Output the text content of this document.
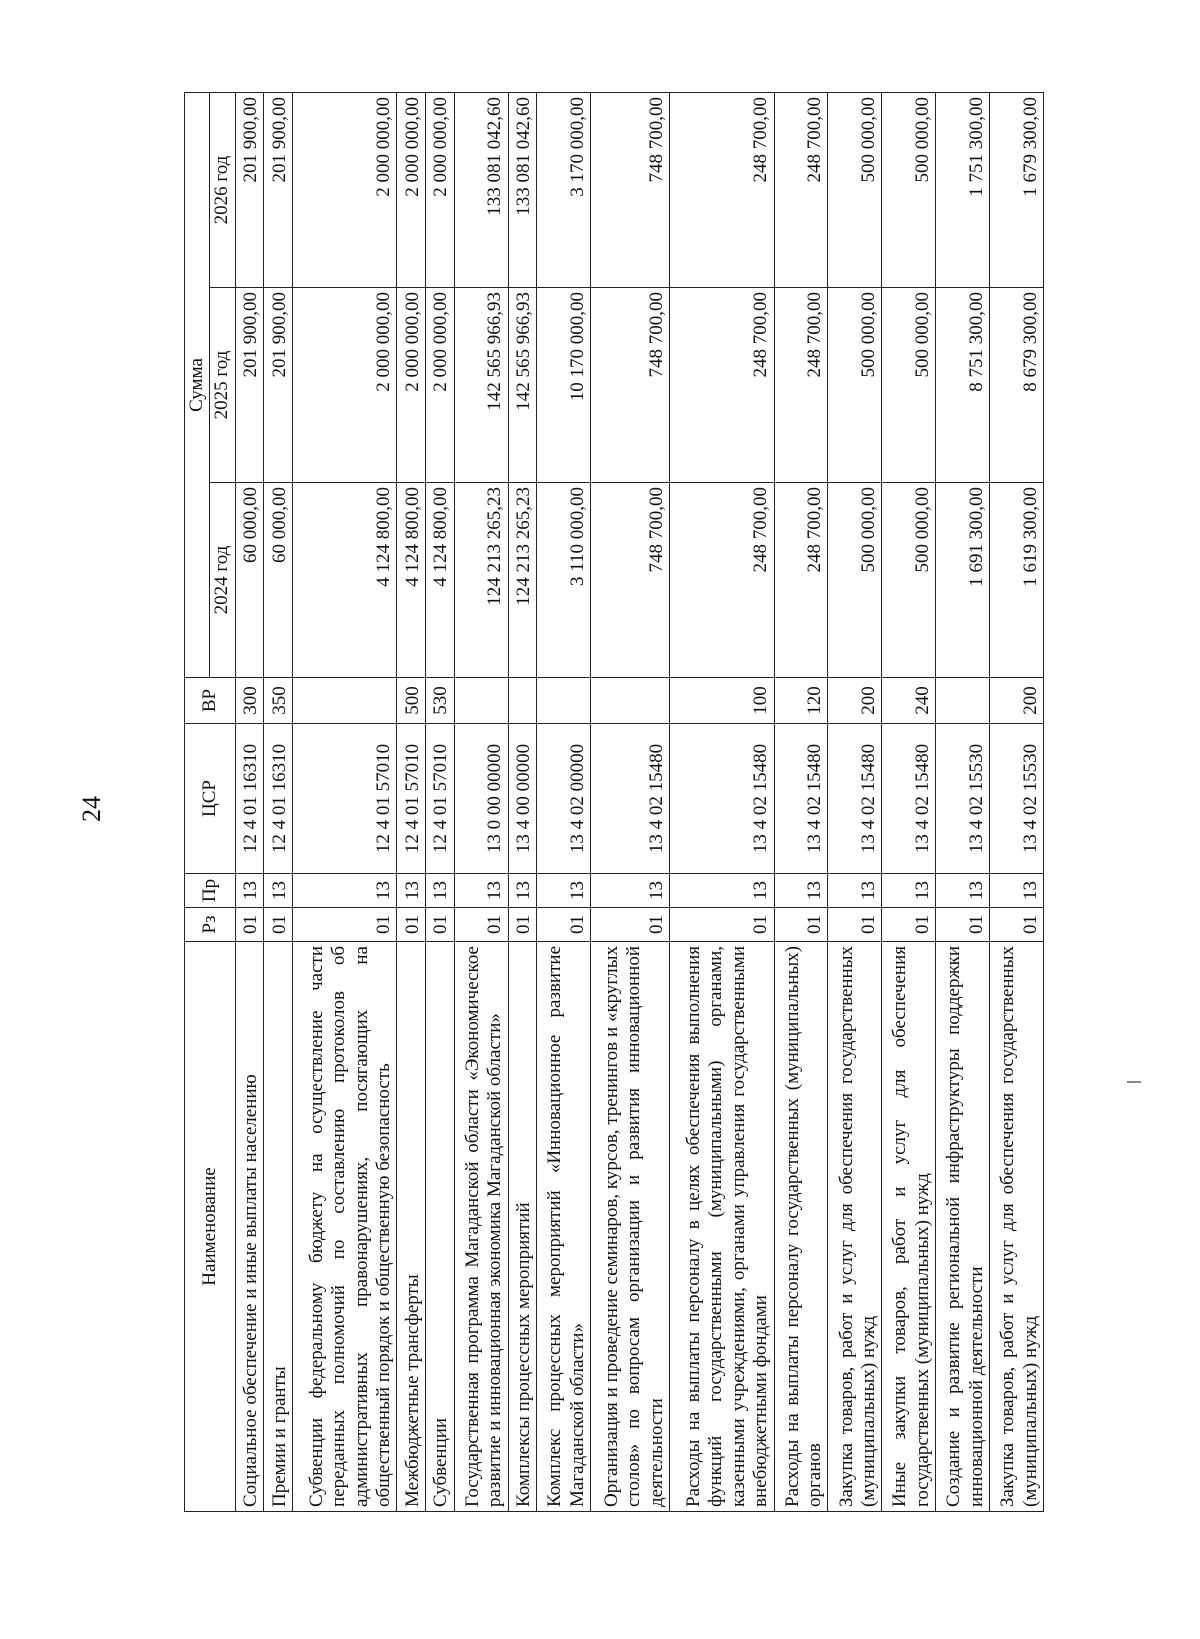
24
Наименование	Рз	Пр	ЦСР	ВР	Сумма		
					2024 год	2025 год	2026 год
Социальное обеспечение и иные выплаты населению	01	13	12 4 01 16310	300	60 000,00	201 900,00	201 900,00
Премии и гранты	01	13	12 4 01 16310	350	60 000,00	201 900,00	201 900,00
Субвенции федеральному бюджету на осуществление части переданных полномочий по составлению протоколов об административных правонарушениях, посягающих на общественный порядок и общественную безопасность	01	13	12 4 01 57010		4 124 800,00	2 000 000,00	2 000 000,00
Межбюджетные трансферты	01	13	12 4 01 57010	500	4 124 800,00	2 000 000,00	2 000 000,00
Субвенции	01	13	12 4 01 57010	530	4 124 800,00	2 000 000,00	2 000 000,00
Государственная программа Магаданской области «Экономическое развитие и инновационная экономика Магаданской области»	01	13	13 0 00 00000		124 213 265,23	142 565 966,93	133 081 042,60
Комплексы процессных мероприятий	01	13	13 4 00 00000		124 213 265,23	142 565 966,93	133 081 042,60
Комплекс процессных мероприятий «Инновационное развитие Магаданской области»	01	13	13 4 02 00000		3 110 000,00	10 170 000,00	3 170 000,00
Организация и проведение семинаров, курсов, тренингов и «круглых столов» по вопросам организации и развития инновационной деятельности	01	13	13 4 02 15480		748 700,00	748 700,00	748 700,00
Расходы на выплаты персоналу в целях обеспечения выполнения функций государственными (муниципальными) органами, казенными учреждениями, органами управления государственными внебюджетными фондами	01	13	13 4 02 15480	100	248 700,00	248 700,00	248 700,00
Расходы на выплаты персоналу государственных (муниципальных) органов	01	13	13 4 02 15480	120	248 700,00	248 700,00	248 700,00
Закупка товаров, работ и услуг для обеспечения государственных (муниципальных) нужд	01	13	13 4 02 15480	200	500 000,00	500 000,00	500 000,00
Иные закупки товаров, работ и услуг для обеспечения государственных (муниципальных) нужд	01	13	13 4 02 15480	240	500 000,00	500 000,00	500 000,00
Создание и развитие региональной инфраструктуры поддержки инновационной деятельности	01	13	13 4 02 15530		1 691 300,00	8 751 300,00	1 751 300,00
Закупка товаров, работ и услуг для обеспечения государственных (муниципальных) нужд	01	13	13 4 02 15530	200	1 619 300,00	8 679 300,00	1 679 300,00
